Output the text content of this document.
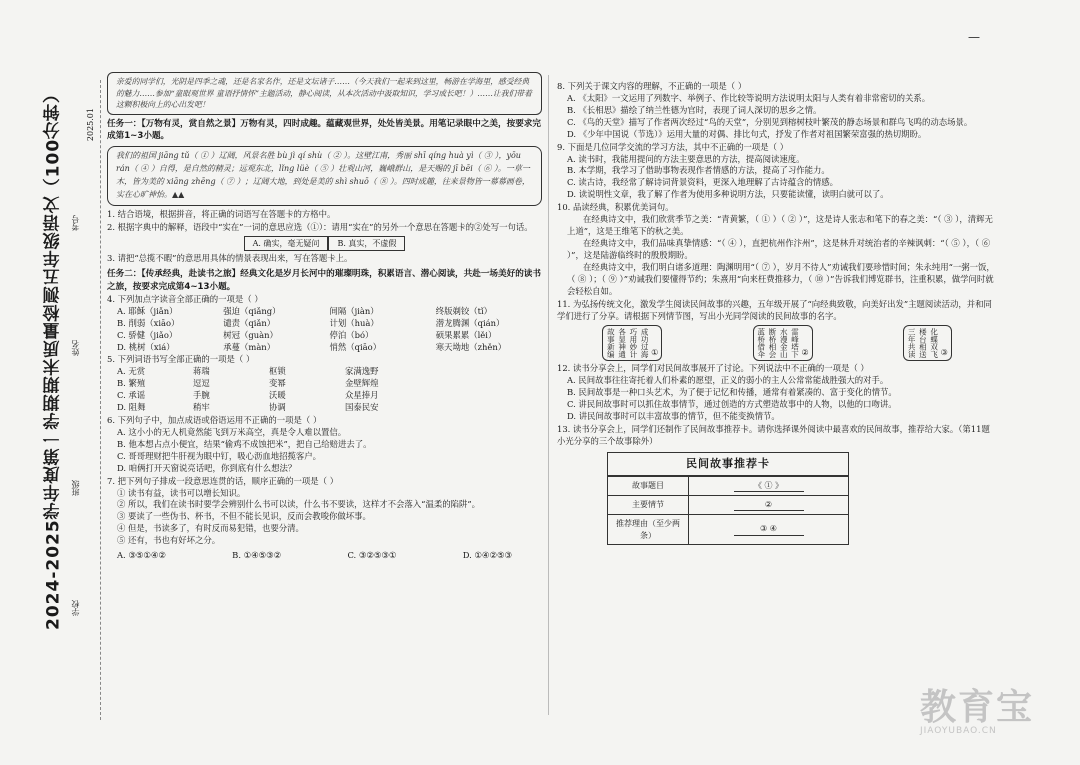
—
2024-2025学年度第一学期期末质量检测五年级语文（100分钟）	2025.01
学校
班级
姓名
考号
亲爱的同学们，光阴是四季之魂，还是名家名作，还是文坛诸子……（今天我们一起来到这里，畅游在学海里，感受经典的魅力……参加“童眼观世界 童语抒情怀”主题活动，静心阅读，从本次活动中汲取知识，学习成长吧！）……让我们带着这颗积极向上的心出发吧！
任务一：【万物有灵，赏自然之景】万物有灵，四时成趣。蕴藏观世界，处处皆美景。用笔记录眼中之美，按要求完成第1~3小题。
我们的祖国 jiāng tǔ（ ① ）辽阔，风景名胜 bù jì qí shù（ ② ）。这壁江南，秀丽 shī qíng huà yì（ ③ ），yōu rán（ ④ ）自得，是自然的精灵；远观东北，lǐng lüè（ ⑤ ）壮观山河，巍峨群山，是天赐的 jī bēi（ ⑥ ）。一草一木，皆为美的 xiāng zhēng（ ⑦ ）；辽阔大地，到处是美的 shì shuō（ ⑧ ）。四时成趣，往来景物皆一幕幕画卷，实在心旷神怡。▲▲
1. 结合语境，根据拼音，将正确的词语写在答题卡的方格中。
2. 根据字典中的解释，语段中“实在”一词的意思应选（①）：请用“实在”的另外一个意思在答题卡的②处写一句话。
A. 确实，毫无疑问	B. 真实，不虚假
3. 请把“总揽不暇”的意思用具体的情景表现出来，写在答题卡上。
任务二：【传承经典，赴读书之旅】经典文化是岁月长河中的璀璨明珠，积累语言、潜心阅读，共赴一场美好的读书之旅，按要求完成第4~13小题。
4. 下列加点字读音全部正确的一项是（ ）
A. 耶稣（jiǎn）	强迫（qiǎng）	间隔（jiàn）	终版剃铰（tǐ）
B. 削弱（xiāo）	谴责（qiǎn）	计划（huà）	潜龙腾渊（qián）
C. 骄健（jiǎo）	树冠（guàn）	停泊（bó）	硕果累累（lěi）
D. 桃树（xiá）	承蔓（màn）	悄然（qiāo）	寒天坳地（zhěn）
5. 下列词语书写全部正确的一项是（ ）
A. 无赏	蒋瑞	枢锁	家满逸野
B. 繁殖	逗逗	变幂	金壁辉煌
C. 承谣	手腕	沃暖	众星捧月
D. 阻舞	稍牢	协调	国泰民安
6. 下列句子中，加点成语或俗语运用不正确的一项是（ ）
A. 这小小的无人机竟然能飞到万米高空，真是令人难以置信。
B. 他本想占点小便宜，结果“偷鸡不成蚀把米”，把自己给赔进去了。
C. 哥哥理财把牛肝视为眼中钉，吸心沥血地招揽客户。
D. 咱俩打开天窗说亮话吧，你到底有什么想法？
7. 把下列句子排成一段意思连贯的话，顺序正确的一项是（ ）
① 读书有益，读书可以增长知识。
② 所以，我们在读书时要学会辨别什么书可以读，什么书不要读，这样才不会落入“温柔的陷阱”。
③ 要读了一些伪书、杯书，不但不能长见识，反而会教唆你做坏事。
④ 但是，书读多了，有时反而易犯错，也要分清。
⑤ 还有，书也有好坏之分。
A. ③⑤①④②	B. ①④⑤③②	C. ③②⑤③①	D. ①④②⑤③
8. 下列关于课文内容的理解，不正确的一项是（ ）
A. 《太阳》一文运用了列数字、举例子、作比较等说明方法说明太阳与人类有着非常密切的关系。
B. 《长相思》描绘了纳兰性德为官时，表现了词人深切的思乡之情。
C. 《鸟的天堂》描写了作者两次经过“鸟的天堂”，分别见到榕树枝叶繁茂的静态场景和群鸟飞鸣的动态场景。
D. 《少年中国说（节选）》运用大量的对偶、排比句式，抒发了作者对祖国繁荣富强的热切期盼。
9. 下面是几位同学交流的学习方法，其中不正确的一项是（ ）
A. 读书时，我能用提问的方法主要意思的方法，提高阅读速度。
B. 本学期，我学习了借助事物表现作者情感的方法，提高了习作能力。
C. 读古诗，我经常了解诗词背景资料，更深入地理解了古诗蕴含的情感。
D. 读说明性文章，我了解了作者为使用多种说明方法，只要能读懂，读明白就可以了。
10. 品读经典，积累优美词句。
在经典诗文中，我们欣赏季节之美：“青黄繁，（ ① ）（ ② ）”，这是诗人张志和笔下的春之美：“（ ③ ），清辉无上道”，这是王维笔下的秋之美。
在经典诗文中，我们品味真挚情感：“（ ④ ），直把杭州作汴州”，这是林升对统治者的辛辣讽刺：“（ ⑤ ），（ ⑥ ）”，这是陆游临终时的殷殷期盼。
在经典诗文中，我们明白诸多道理：陶渊明用“（ ⑦ ），岁月不待人”劝诫我们要珍惜时间；朱永纯用“一粥一饭，（ ⑧ ）；（ ⑨ ）”劝诫我们要懂得节约；朱熹用“向来枉费推移力，（ ⑩ ）”告诉我们博览群书，注重积累，做学问时就会轻松自如。
11. 为弘扬传统文化，激发学生阅读民间故事的兴趣，五年级开展了“向经典致敬，向美好出发”主题阅读活动，并和同学们进行了分享。请根据下列情节图，写出小光同学阅读的民间故事的名字。
故事新编 各显神通 巧用妙计 成功过海 ①	蓝桥借伞 断桥相会 水漫金山 雷峰塔下 ②	三年共读 楼台相送 化蝶双飞 ③
12. 读书分享会上，同学们对民间故事展开了讨论。下列说法中不正确的一项是（ ）
A. 民间故事往往寄托着人们朴素的愿望，正义的弱小的主人公常常能战胜强大的对手。
B. 民间故事是一种口头艺术，为了便于记忆和传播，通常有着紧凑的、富于变化的情节。
C. 讲民间故事时可以抓住故事情节，通过创造的方式塑造故事中的人物，以他的口吻讲。
D. 讲民间故事时可以丰富故事的情节，但不能变换情节。
13. 读书分享会上，同学们还制作了民间故事推荐卡。请你选择课外阅读中最喜欢的民间故事，推荐给大家。（第11题小光分享的三个故事除外）
民间故事推荐卡
故事题目	《 ① 》
主要情节	②
推荐理由（至少两条）	③ ④
教育宝
JIAOYUBAO.CN
